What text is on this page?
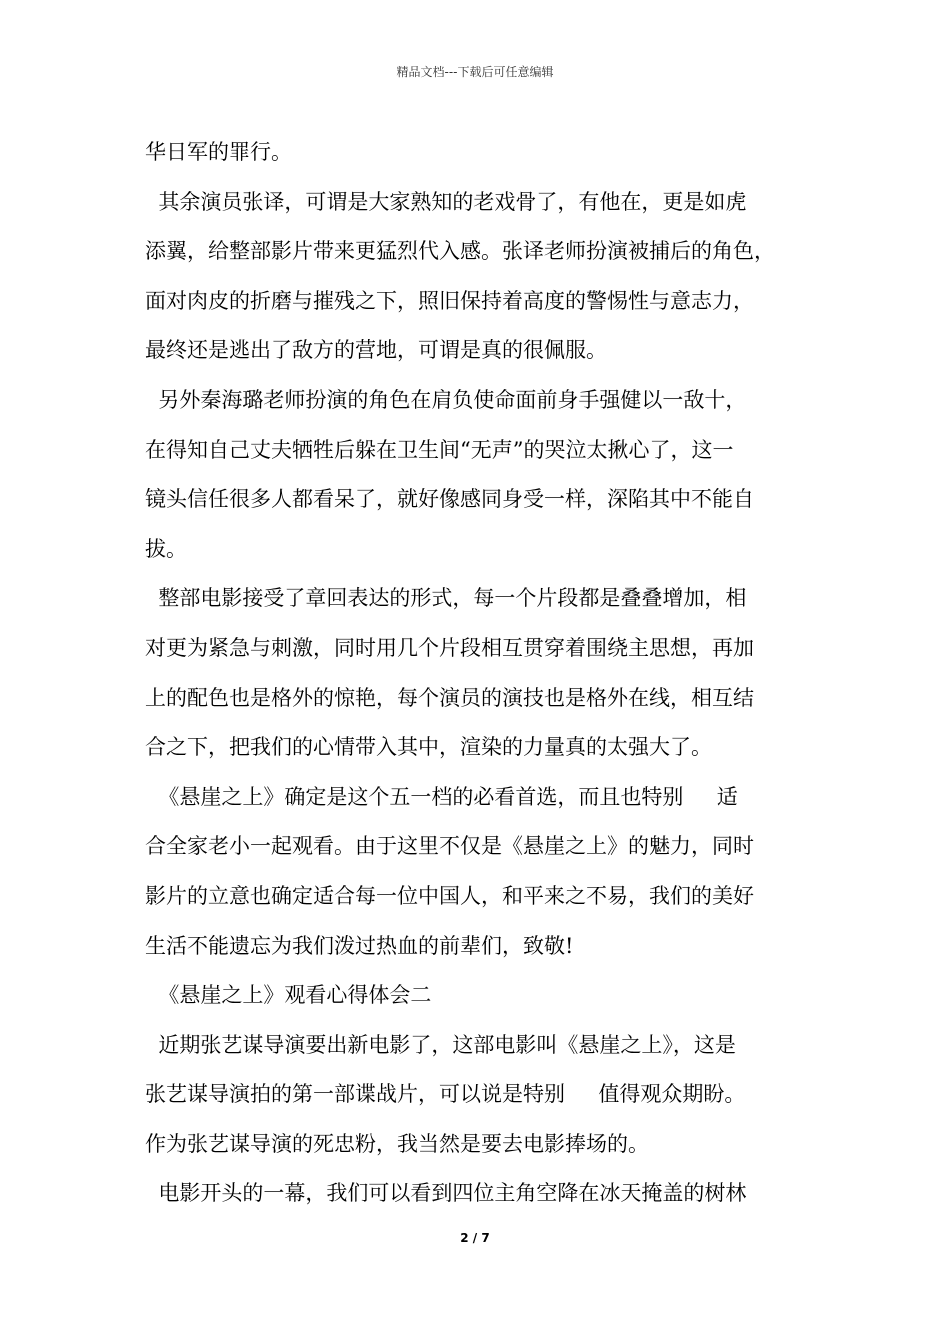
精品文档---下载后可任意编辑
华日军的罪行。
其余演员张译，可谓是大家熟知的老戏骨了，有他在，更是如虎
添翼，给整部影片带来更猛烈代入感。张译老师扮演被捕后的角色，
面对肉皮的折磨与摧残之下，照旧保持着高度的警惕性与意志力，
最终还是逃出了敌方的营地，可谓是真的很佩服。
另外秦海璐老师扮演的角色在肩负使命面前身手强健以一敌十，
在得知自己丈夫牺牲后躲在卫生间“无声”的哭泣太揪心了，这一
镜头信任很多人都看呆了，就好像感同身受一样，深陷其中不能自
拔。
整部电影接受了章回表达的形式，每一个片段都是叠叠增加，相
对更为紧急与刺激，同时用几个片段相互贯穿着围绕主思想，再加
上的配色也是格外的惊艳，每个演员的演技也是格外在线，相互结
合之下，把我们的心情带入其中，渲染的力量真的太强大了。
《悬崖之上》确定是这个五一档的必看首选，而且也特别     适
合全家老小一起观看。由于这里不仅是《悬崖之上》的魅力，同时
影片的立意也确定适合每一位中国人，和平来之不易，我们的美好
生活不能遗忘为我们泼过热血的前辈们，致敬!
《悬崖之上》观看心得体会二
近期张艺谋导演要出新电影了，这部电影叫《悬崖之上》，这是
张艺谋导演拍的第一部谍战片，可以说是特别     值得观众期盼。
作为张艺谋导演的死忠粉，我当然是要去电影捧场的。
电影开头的一幕，我们可以看到四位主角空降在冰天掩盖的树林
2 / 7
